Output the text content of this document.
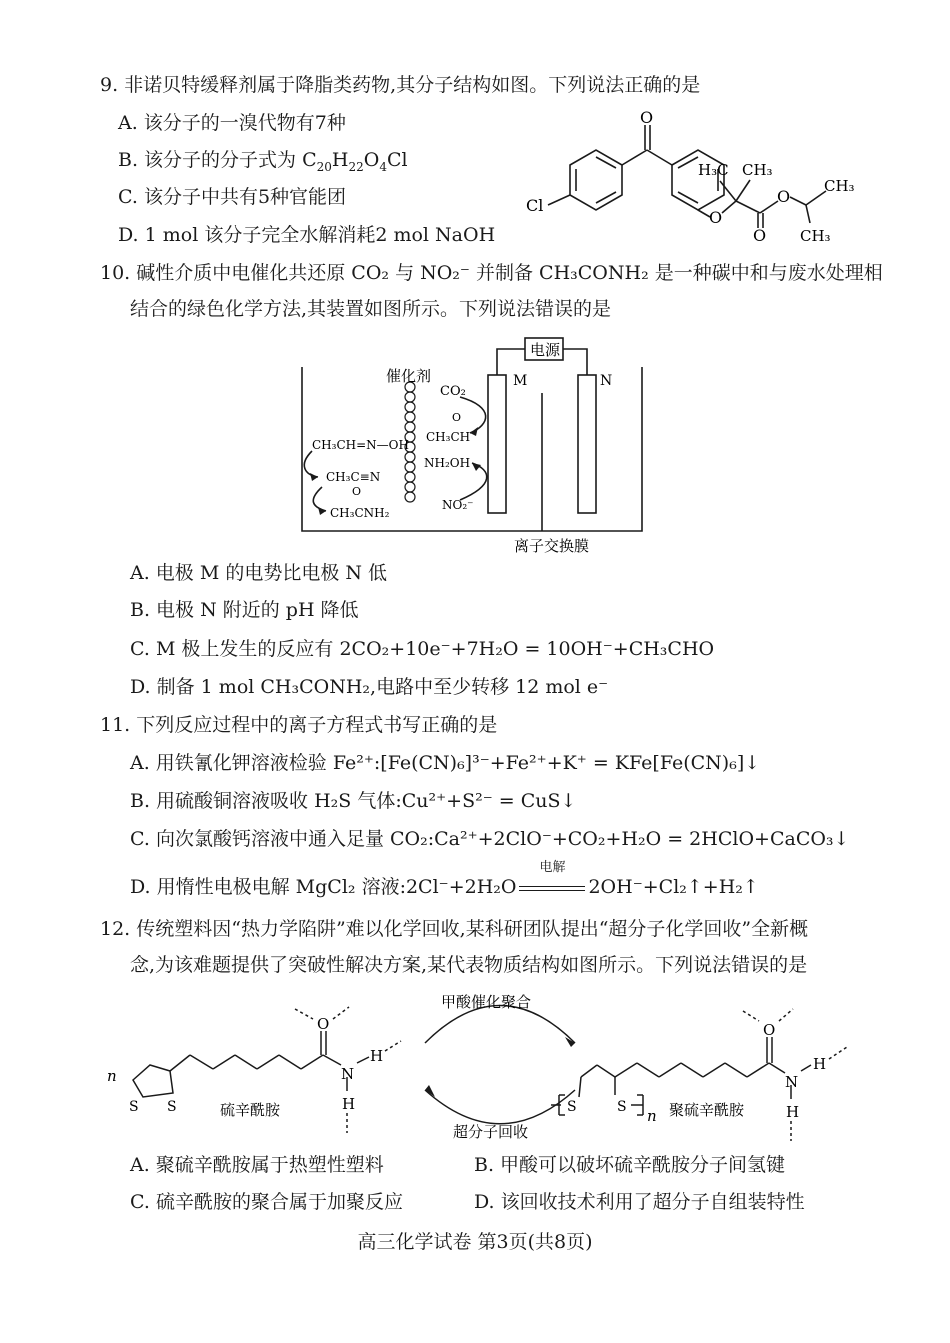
9. 非诺贝特缓释剂属于降脂类药物,其分子结构如图。下列说法正确的是
A. 该分子的一溴代物有7种
B. 该分子的分子式为 $C_{20}H_{22}O_4Cl$
C. 该分子中共有5种官能团
D. 1 mol 该分子完全水解消耗2 mol NaOH
O
Cl
O
O
O
H₃C CH₃
CH₃
CH₃
10. 碱性介质中电催化共还原 CO₂ 与 NO₂⁻ 并制备 CH₃CONH₂ 是一种碳中和与废水处理相
结合的绿色化学方法,其装置如图所示。下列说法错误的是
电源
M	N
催化剂
CO₂
O
CH₃CH
NH₂OH
NO₂⁻
CH₃CH=N—OH
CH₃C≡N
O
CH₃CNH₂
离子交换膜
A. 电极 M 的电势比电极 N 低
B. 电极 N 附近的 pH 降低
C. M 极上发生的反应有 2CO₂+10e⁻+7H₂O = 10OH⁻+CH₃CHO
D. 制备 1 mol CH₃CONH₂,电路中至少转移 12 mol e⁻
11. 下列反应过程中的离子方程式书写正确的是
A. 用铁氰化钾溶液检验 Fe²⁺:[Fe(CN)₆]³⁻+Fe²⁺+K⁺ = KFe[Fe(CN)₆]↓
B. 用硫酸铜溶液吸收 H₂S 气体:Cu²⁺+S²⁻ = CuS↓
C. 向次氯酸钙溶液中通入足量 CO₂:Ca²⁺+2ClO⁻+CO₂+H₂O = 2HClO+CaCO₃↓
D. 用惰性电极电解 MgCl₂ 溶液:2Cl⁻+2H₂O
电解
2OH⁻+Cl₂↑+H₂↑
12. 传统塑料因“热力学陷阱”难以化学回收,某科研团队提出“超分子化学回收”全新概
念,为该难题提供了突破性解决方案,某代表物质结构如图所示。下列说法错误的是
n
S S
O
N
H
H
硫辛酰胺
甲酸催化聚合
超分子回收
S	S n
O
N
H
H
聚硫辛酰胺
A. 聚硫辛酰胺属于热塑性塑料	B. 甲酸可以破坏硫辛酰胺分子间氢键
C. 硫辛酰胺的聚合属于加聚反应	D. 该回收技术利用了超分子自组装特性
高三化学试卷 第3页(共8页)
